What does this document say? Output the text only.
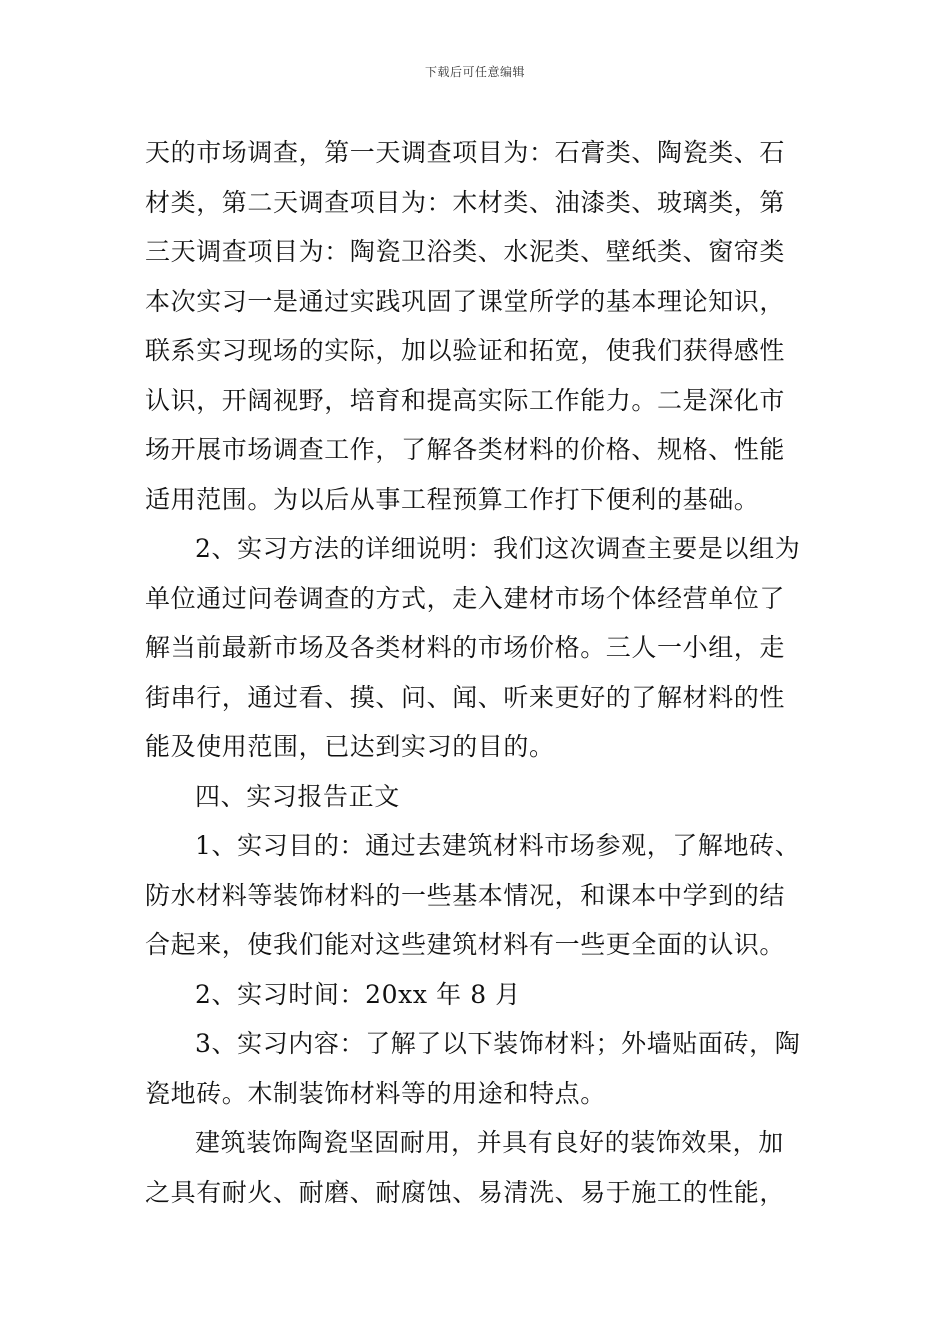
下载后可任意编辑
天的市场调查，第一天调查项目为：石膏类、陶瓷类、石
材类，第二天调查项目为：木材类、油漆类、玻璃类，第
三天调查项目为：陶瓷卫浴类、水泥类、壁纸类、窗帘类
本次实习一是通过实践巩固了课堂所学的基本理论知识，
联系实习现场的实际，加以验证和拓宽，使我们获得感性
认识，开阔视野，培育和提高实际工作能力。二是深化市
场开展市场调查工作，了解各类材料的价格、规格、性能
适用范围。为以后从事工程预算工作打下便利的基础。
2、实习方法的详细说明：我们这次调查主要是以组为
单位通过问卷调查的方式，走入建材市场个体经营单位了
解当前最新市场及各类材料的市场价格。三人一小组，走
街串行，通过看、摸、问、闻、听来更好的了解材料的性
能及使用范围，已达到实习的目的。
四、实习报告正文
1、实习目的：通过去建筑材料市场参观，了解地砖、
防水材料等装饰材料的一些基本情况，和课本中学到的结
合起来，使我们能对这些建筑材料有一些更全面的认识。
2、实习时间：20xx 年 8 月
3、实习内容：了解了以下装饰材料；外墙贴面砖，陶
瓷地砖。木制装饰材料等的用途和特点。
建筑装饰陶瓷坚固耐用，并具有良好的装饰效果，加
之具有耐火、耐磨、耐腐蚀、易清洗、易于施工的性能，
